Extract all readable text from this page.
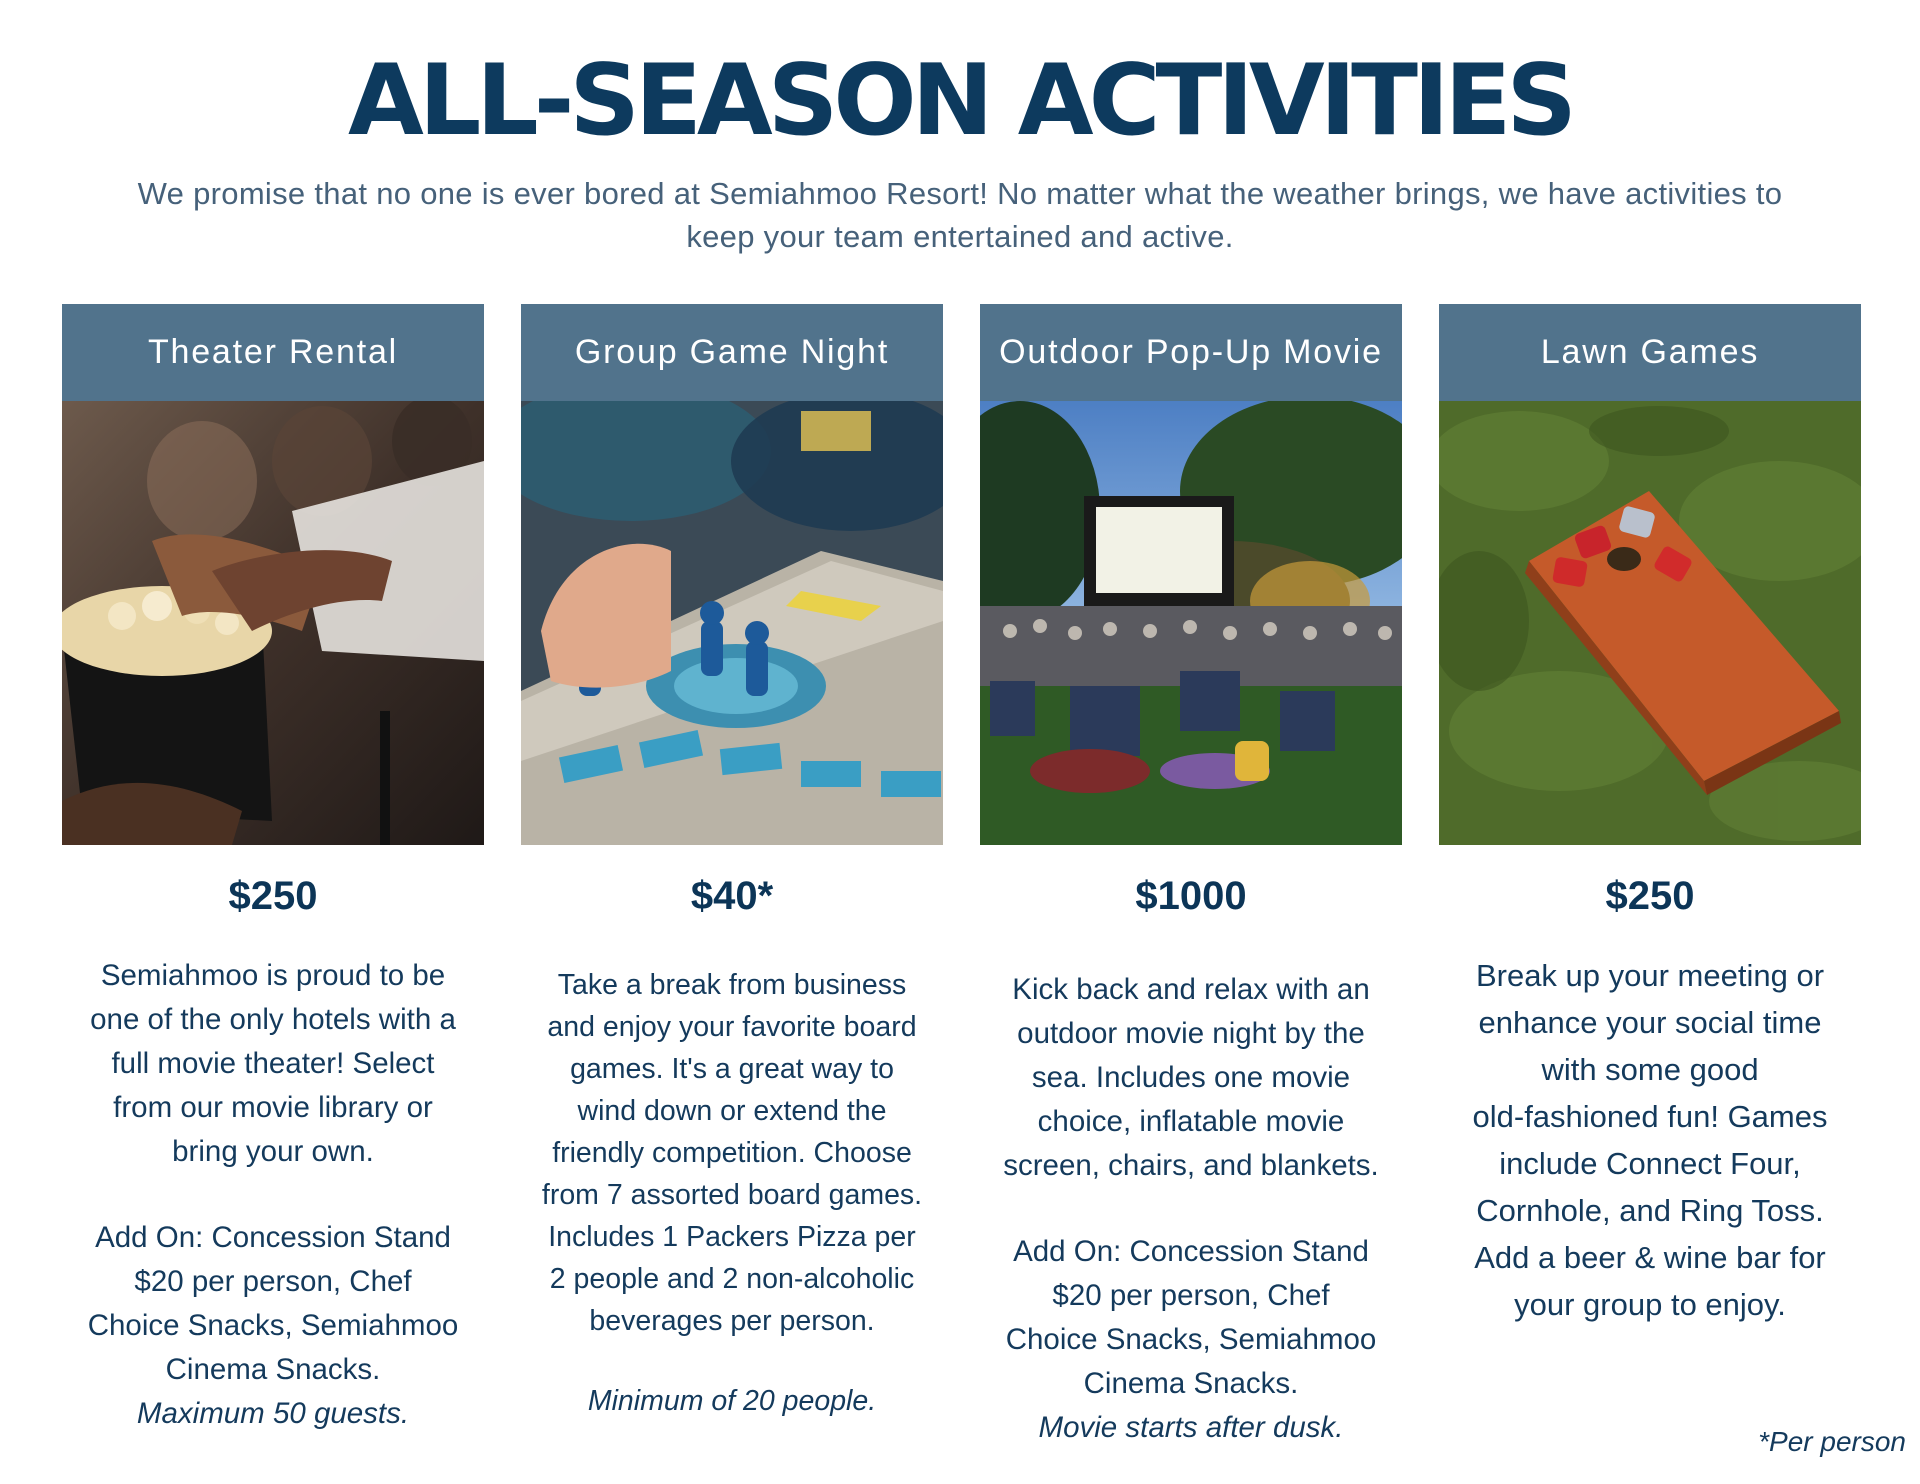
ALL-SEASON ACTIVITIES
We promise that no one is ever bored at Semiahmoo Resort! No matter what the weather brings, we have activities to keep your team entertained and active.
Theater Rental
$250

Semiahmoo is proud to be

one of the only hotels with a

full movie theater! Select

from our movie library or

bring your own.

Add On: Concession Stand

$20 per person, Chef

Choice Snacks, Semiahmoo

Cinema Snacks.

Maximum 50 guests.

Group Game Night
$40*

Take a break from business

and enjoy your favorite board

games. It's a great way to

wind down or extend the

friendly competition. Choose

from 7 assorted board games.

Includes 1 Packers Pizza per

2 people and 2 non-alcoholic

beverages per person.

Minimum of 20 people.

Outdoor Pop-Up Movie
$1000

Kick back and relax with an

outdoor movie night by the

sea. Includes one movie

choice, inflatable movie

screen, chairs, and blankets.

Add On: Concession Stand

$20 per person, Chef

Choice Snacks, Semiahmoo

Cinema Snacks.

Movie starts after dusk.

Lawn Games
$250

Break up your meeting or

enhance your social time

with some good

old-fashioned fun! Games

include Connect Four,

Cornhole, and Ring Toss.

Add a beer & wine bar for

your group to enjoy.

*Per person
